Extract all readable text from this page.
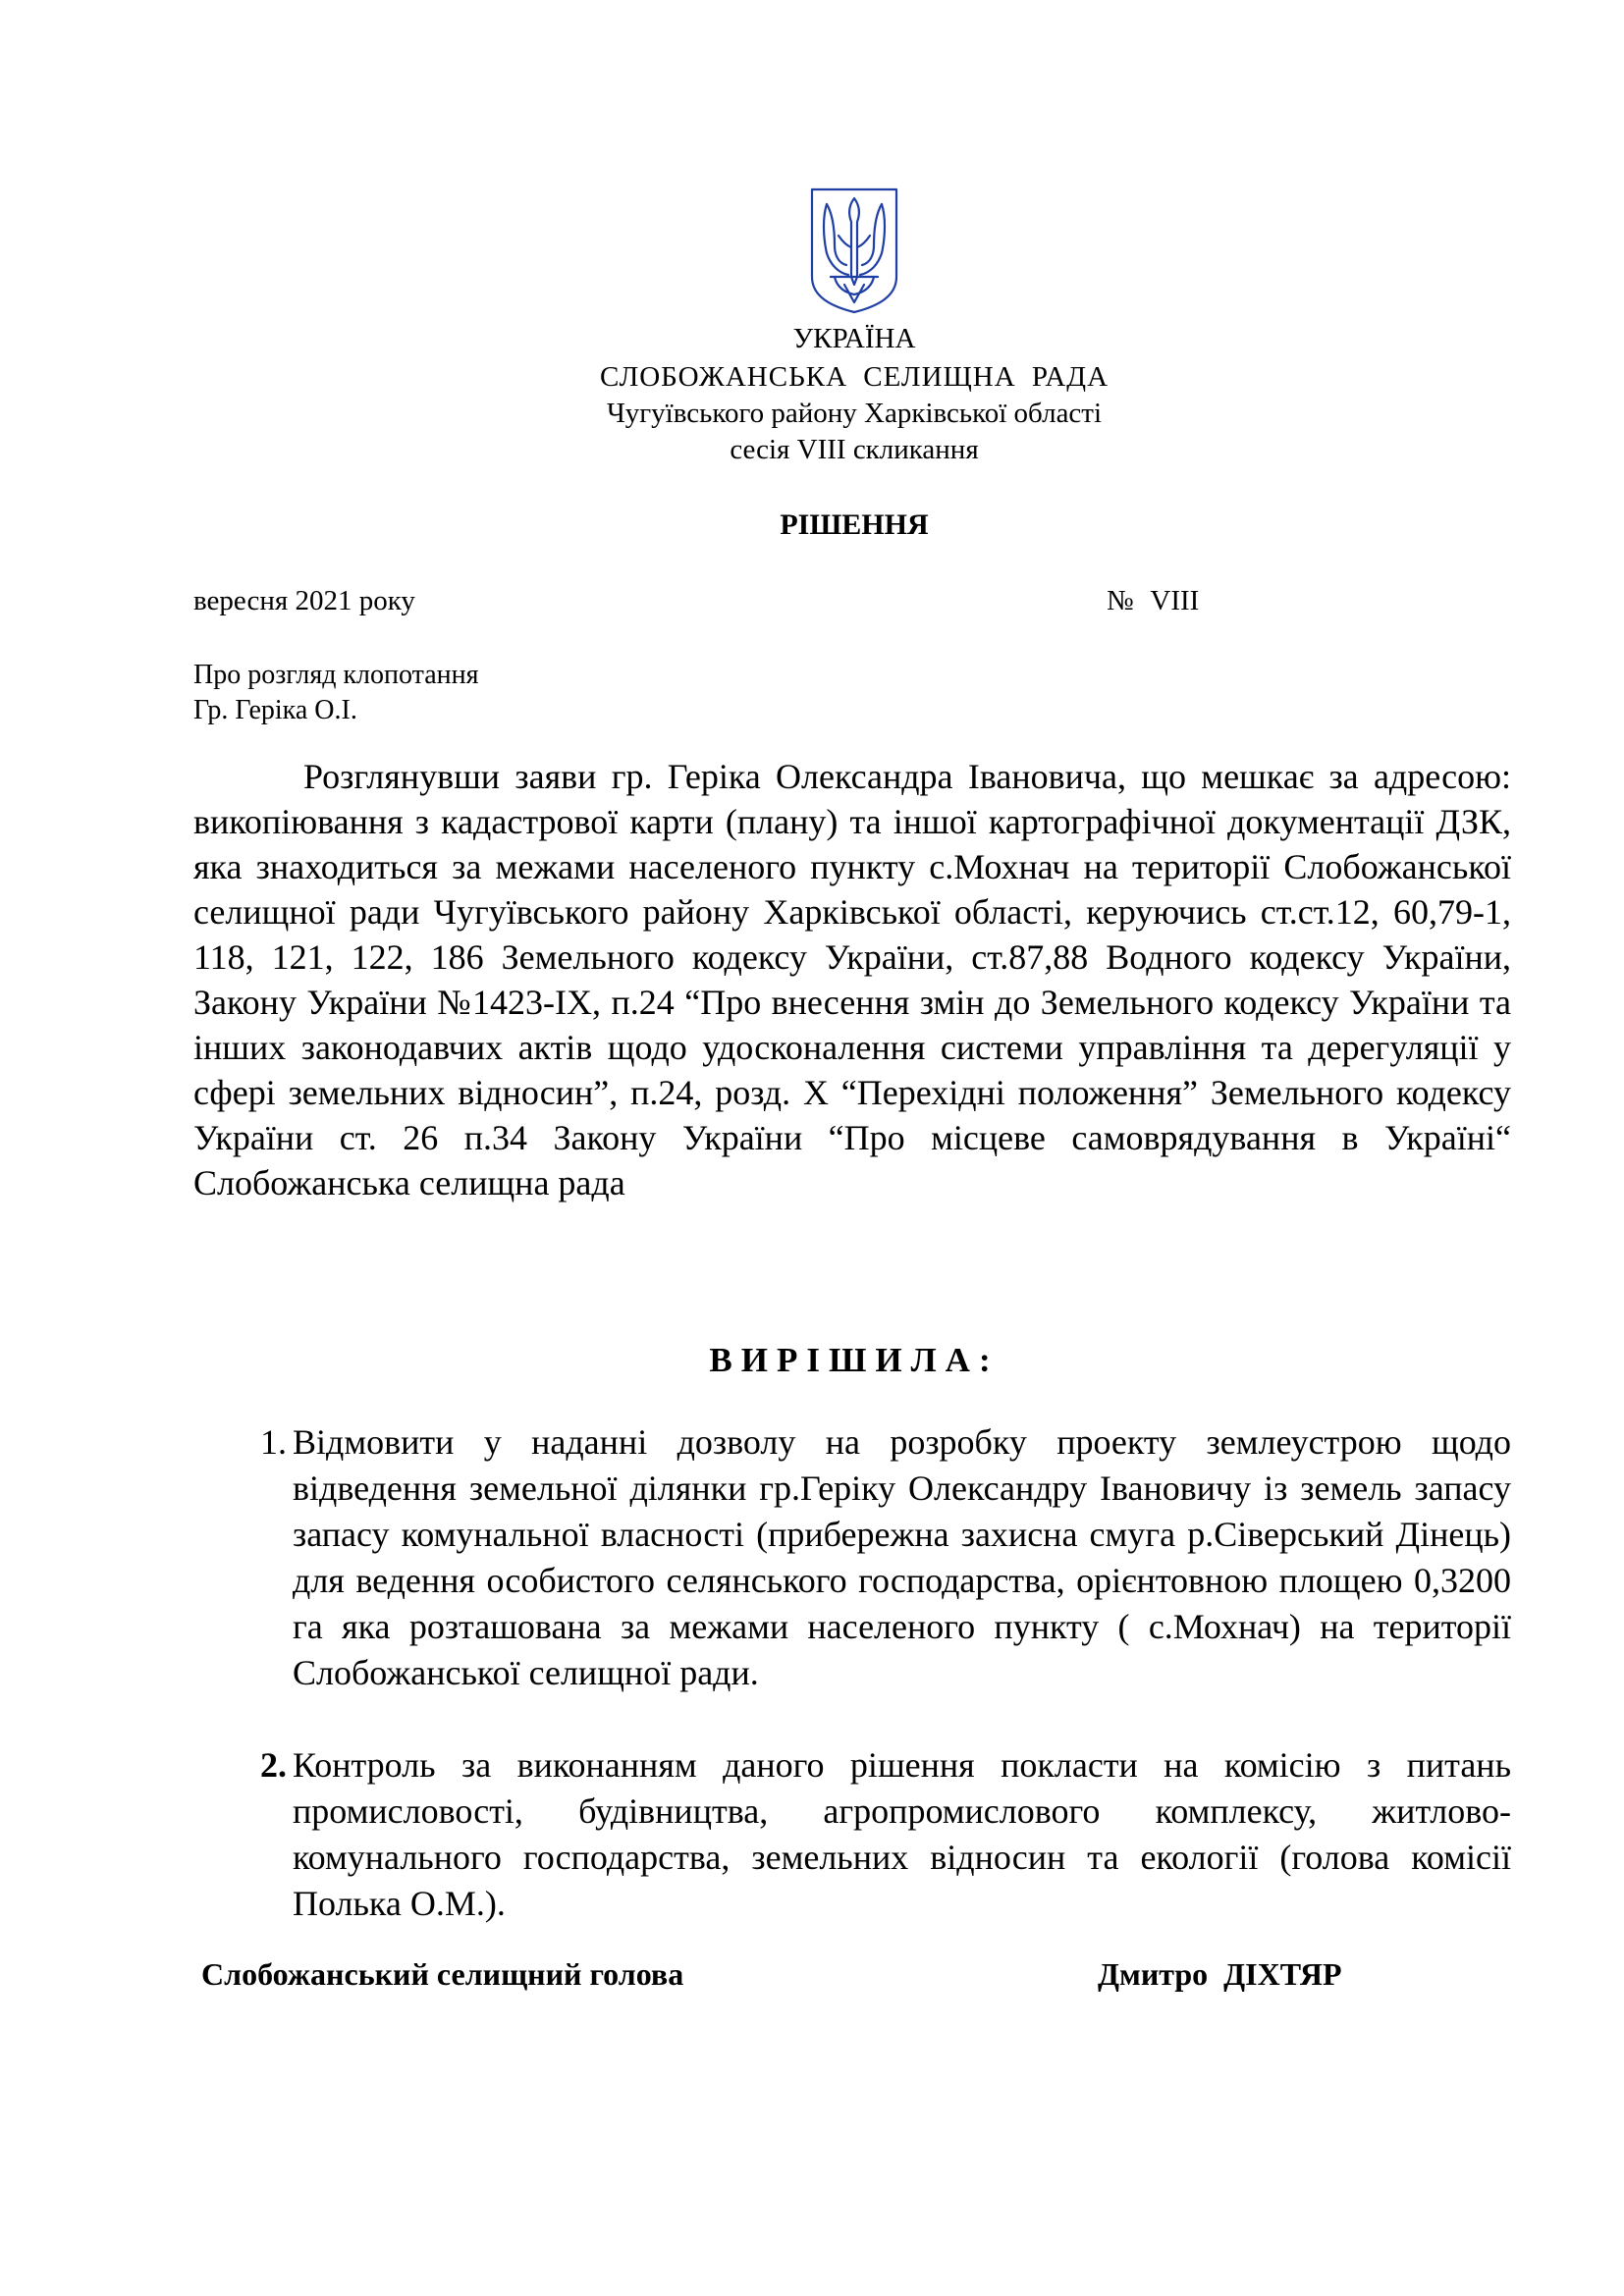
УКРАЇНА
СЛОБОЖАНСЬКА СЕЛИЩНА РАДА
Чугуївського району Харківської області
сесія VIII скликання
РІШЕННЯ
вересня 2021 року	№ VIII
Про розгляд клопотання
Гр. Геріка О.І.
Розглянувши заяви гр. Геріка Олександра Івановича, що мешкає за адресою: викопіювання з кадастрової карти (плану) та іншої картографічної документації ДЗК, яка знаходиться за межами населеного пункту с.Мохнач на території Слобожанської селищної ради Чугуївського району Харківської області, керуючись ст.ст.12, 60,79-1, 118, 121, 122, 186 Земельного кодексу України, ст.87,88 Водного кодексу України, Закону України №1423-IX, п.24 “Про внесення змін до Земельного кодексу України та інших законодавчих актів щодо удосконалення системи управління та дерегуляції у сфері земельних відносин”, п.24, розд. Х “Перехідні положення” Земельного кодексу України ст. 26 п.34 Закону України “Про місцеве самоврядування в Україні“ Слобожанська селищна рада
ВИРІШИЛА:
1. Відмовити у наданні дозволу на розробку проекту землеустрою щодо відведення земельної ділянки гр.Геріку Олександру Івановичу із земель запасу запасу комунальної власності (прибережна захисна смуга р.Сіверський Дінець) для ведення особистого селянського господарства, орієнтовною площею 0,3200 га яка розташована за межами населеного пункту ( с.Мохнач) на території Слобожанської селищної ради.
2. Контроль за виконанням даного рішення покласти на комісію з питань промисловості, будівництва, агропромислового комплексу, житлово-комунального господарства, земельних відносин та екології (голова комісії Полька О.М.).
Слобожанський селищний голова	Дмитро ДІХТЯР
